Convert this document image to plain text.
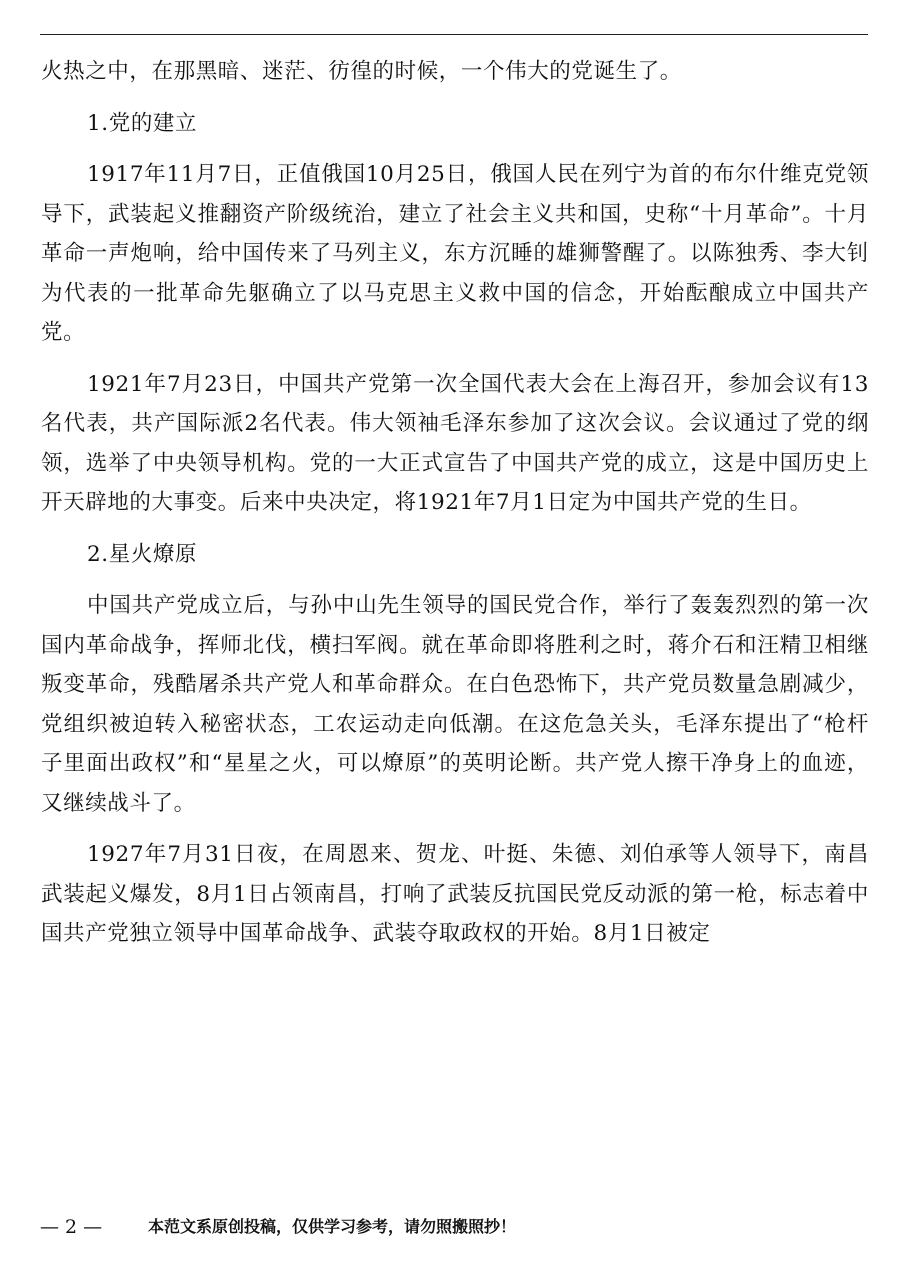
火热之中，在那黑暗、迷茫、彷徨的时候，一个伟大的党诞生了。

1.党的建立

1917年11月7日，正值俄国10月25日，俄国人民在列宁为首的布尔什维克党领导下，武装起义推翻资产阶级统治，建立了社会主义共和国，史称“十月革命”。十月革命一声炮响，给中国传来了马列主义，东方沉睡的雄狮警醒了。以陈独秀、李大钊为代表的一批革命先躯确立了以马克思主义救中国的信念，开始酝酿成立中国共产党。

1921年7月23日，中国共产党第一次全国代表大会在上海召开，参加会议有13名代表，共产国际派2名代表。伟大领袖毛泽东参加了这次会议。会议通过了党的纲领，选举了中央领导机构。党的一大正式宣告了中国共产党的成立，这是中国历史上开天辟地的大事变。后来中央决定，将1921年7月1日定为中国共产党的生日。

2.星火燎原

中国共产党成立后，与孙中山先生领导的国民党合作，举行了轰轰烈烈的第一次国内革命战争，挥师北伐，横扫军阀。就在革命即将胜利之时，蒋介石和汪精卫相继叛变革命，残酷屠杀共产党人和革命群众。在白色恐怖下，共产党员数量急剧减少，党组织被迫转入秘密状态，工农运动走向低潮。在这危急关头，毛泽东提出了“枪杆子里面出政权”和“星星之火，可以燎原”的英明论断。共产党人擦干净身上的血迹，又继续战斗了。

1927年7月31日夜，在周恩来、贺龙、叶挺、朱德、刘伯承等人领导下，南昌武装起义爆发，8月1日占领南昌，打响了武装反抗国民党反动派的第一枪，标志着中国共产党独立领导中国革命战争、武装夺取政权的开始。8月1日被定

— 2 —	本范文系原创投稿，仅供学习参考，请勿照搬照抄！
